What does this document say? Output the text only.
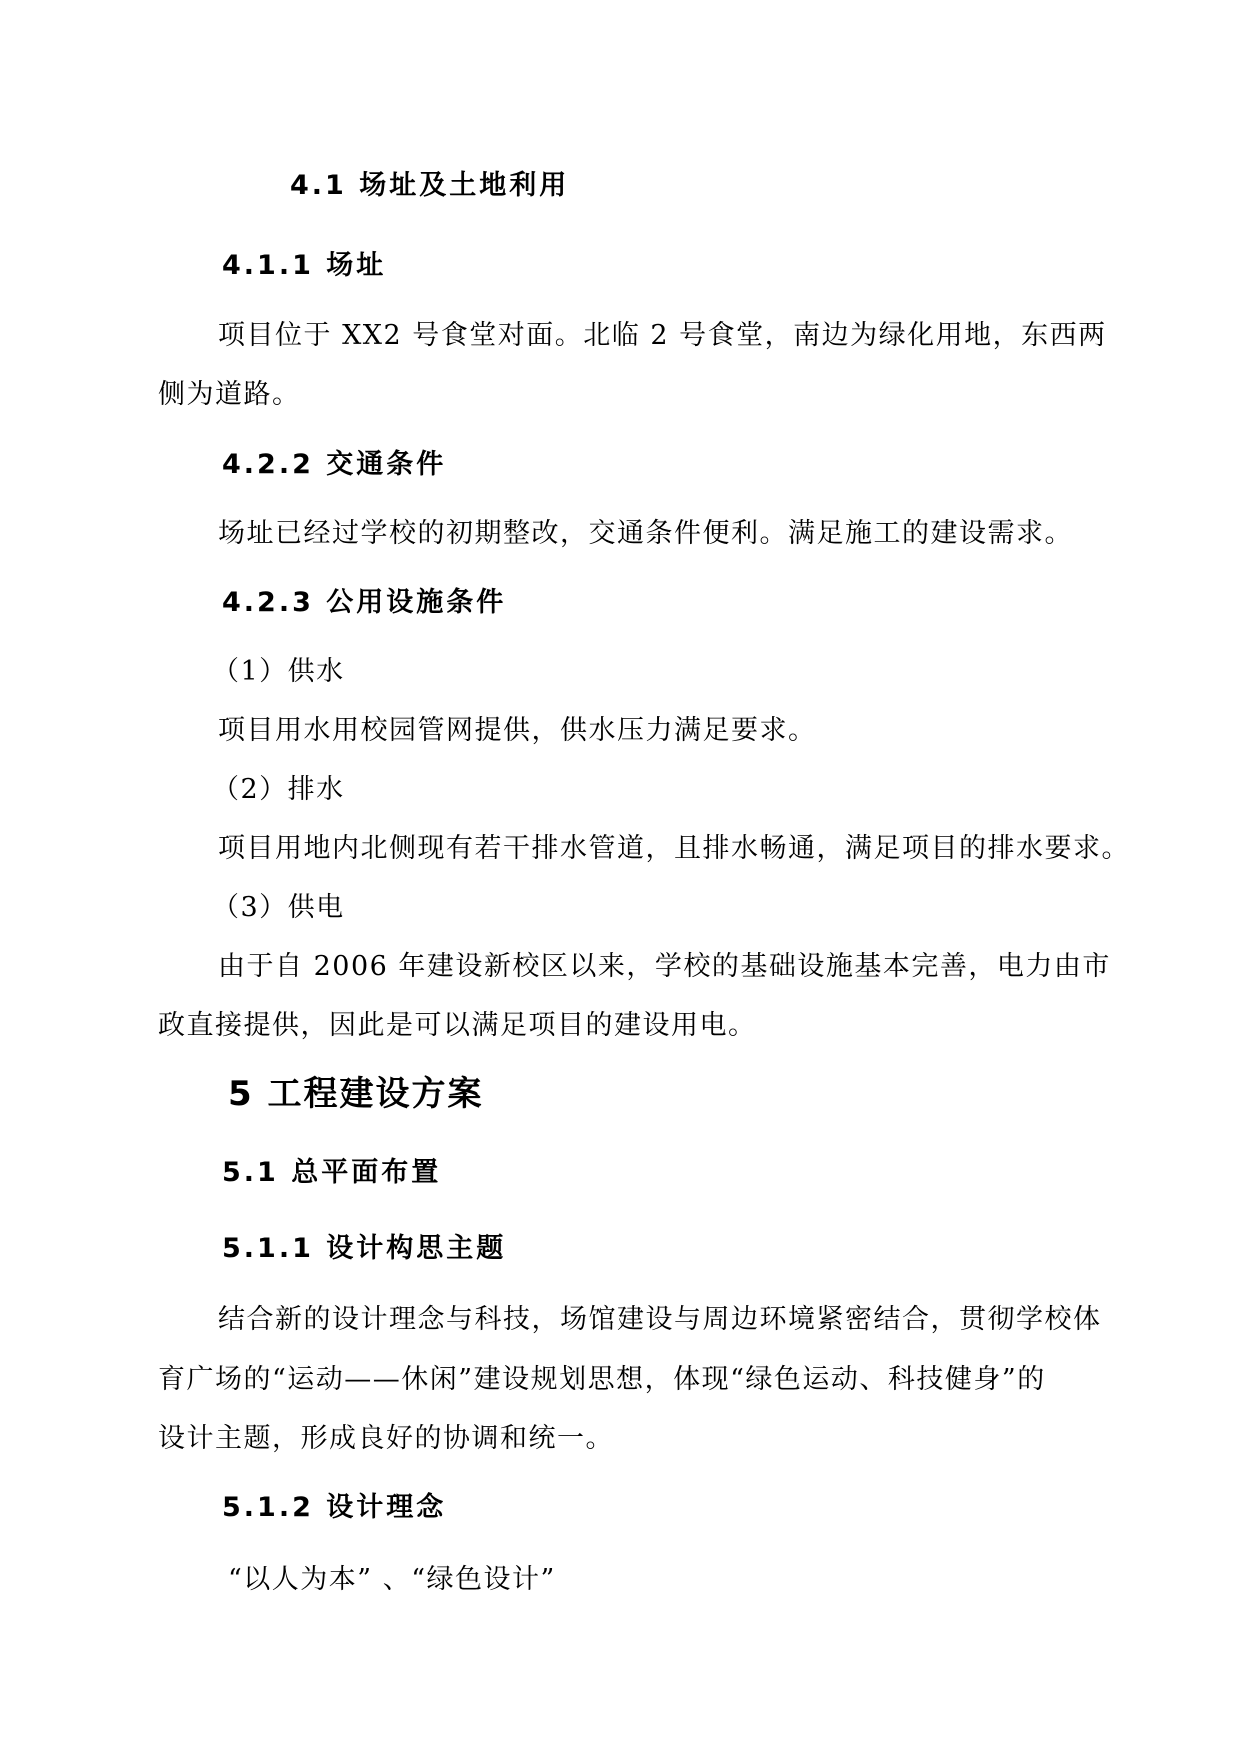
4.1 场址及土地利用
4.1.1 场址
项目位于 XX2 号食堂对面。北临 2 号食堂，南边为绿化用地，东西两
侧为道路。
4.2.2 交通条件
场址已经过学校的初期整改，交通条件便利。满足施工的建设需求。
4.2.3 公用设施条件
（1）供水
项目用水用校园管网提供，供水压力满足要求。
（2）排水
项目用地内北侧现有若干排水管道，且排水畅通，满足项目的排水要求。
（3）供电
由于自 2006 年建设新校区以来，学校的基础设施基本完善，电力由市
政直接提供，因此是可以满足项目的建设用电。
5 工程建设方案
5.1 总平面布置
5.1.1 设计构思主题
结合新的设计理念与科技，场馆建设与周边环境紧密结合，贯彻学校体
育广场的“运动——休闲”建设规划思想，体现“绿色运动、科技健身”的
设计主题，形成良好的协调和统一。
5.1.2 设计理念
“以人为本” 、“绿色设计”
